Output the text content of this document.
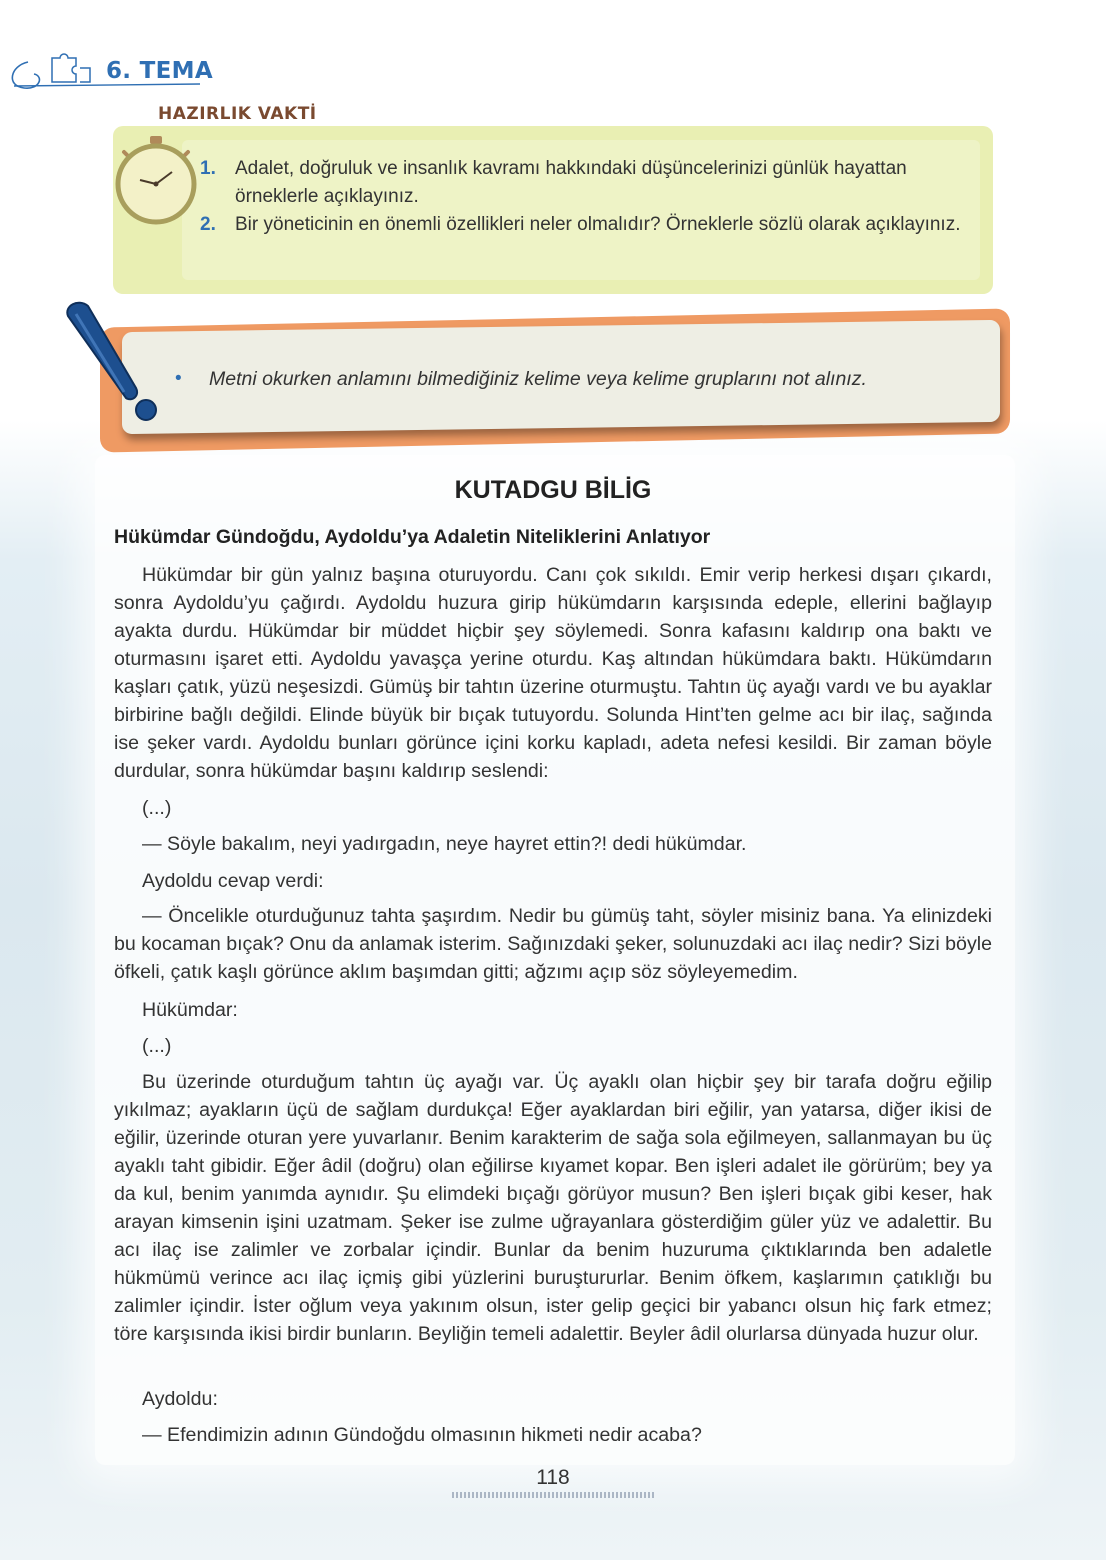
6. TEMA
HAZIRLIK VAKTİ
1. Adalet, doğruluk ve insanlık kavramı hakkındaki düşüncelerinizi günlük hayattan örneklerle açıklayınız.
2. Bir yöneticinin en önemli özellikleri neler olmalıdır? Örneklerle sözlü olarak açıklayınız.
• Metni okurken anlamını bilmediğiniz kelime veya kelime gruplarını not alınız.
KUTADGU BİLİG
Hükümdar Gündoğdu, Aydoldu’ya Adaletin Niteliklerini Anlatıyor
Hükümdar bir gün yalnız başına oturuyordu. Canı çok sıkıldı. Emir verip herkesi dışarı çıkardı, sonra Aydoldu’yu çağırdı. Aydoldu huzura girip hükümdarın karşısında edeple, ellerini bağlayıp ayakta durdu. Hükümdar bir müddet hiçbir şey söylemedi. Sonra kafasını kaldırıp ona baktı ve oturmasını işaret etti. Aydoldu yavaşça yerine oturdu. Kaş altından hükümdara baktı. Hükümdarın kaşları çatık, yüzü neşesizdi. Gümüş bir tahtın üzerine oturmuştu. Tahtın üç ayağı vardı ve bu ayaklar birbirine bağlı değildi. Elinde büyük bir bıçak tutuyordu. Solunda Hint’ten gelme acı bir ilaç, sağında ise şeker vardı. Aydoldu bunları görünce içini korku kapladı, adeta nefesi kesildi. Bir zaman böyle durdular, sonra hükümdar başını kaldırıp seslendi:
(...)
— Söyle bakalım, neyi yadırgadın, neye hayret ettin?! dedi hükümdar.
Aydoldu cevap verdi:
— Öncelikle oturduğunuz tahta şaşırdım. Nedir bu gümüş taht, söyler misiniz bana. Ya elinizdeki bu kocaman bıçak? Onu da anlamak isterim. Sağınızdaki şeker, solunuzdaki acı ilaç nedir? Sizi böyle öfkeli, çatık kaşlı görünce aklım başımdan gitti; ağzımı açıp söz söyleyemedim.
Hükümdar:
(...)
Bu üzerinde oturduğum tahtın üç ayağı var. Üç ayaklı olan hiçbir şey bir tarafa doğru eğilip yıkılmaz; ayakların üçü de sağlam durdukça! Eğer ayaklardan biri eğilir, yan yatarsa, diğer ikisi de eğilir, üzerinde oturan yere yuvarlanır. Benim karakterim de sağa sola eğilmeyen, sallanmayan bu üç ayaklı taht gibidir. Eğer âdil (doğru) olan eğilirse kıyamet kopar. Ben işleri adalet ile görürüm; bey ya da kul, benim yanımda aynıdır. Şu elimdeki bıçağı görüyor musun? Ben işleri bıçak gibi keser, hak arayan kimsenin işini uzatmam. Şeker ise zulme uğrayanlara gösterdiğim güler yüz ve adalettir. Bu acı ilaç ise zalimler ve zorbalar içindir. Bunlar da benim huzuruma çıktıklarında ben adaletle hükmümü verince acı ilaç içmiş gibi yüzlerini buruştururlar. Benim öfkem, kaşlarımın çatıklığı bu zalimler içindir. İster oğlum veya yakınım olsun, ister gelip geçici bir yabancı olsun hiç fark etmez; töre karşısında ikisi birdir bunların. Beyliğin temeli adalettir. Beyler âdil olurlarsa dünyada huzur olur.
Aydoldu:
— Efendimizin adının Gündoğdu olmasının hikmeti nedir acaba?
118
